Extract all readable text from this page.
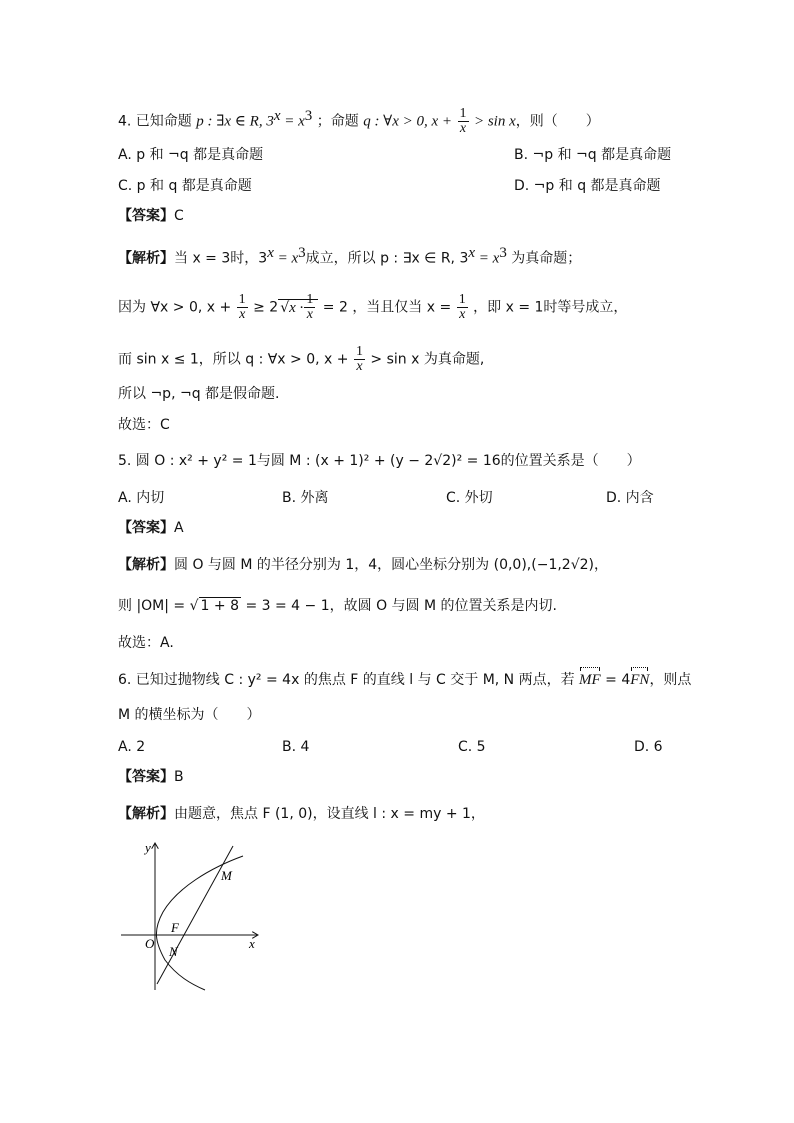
4. 已知命题 p : ∃x ∈ R, $3^x = x^3$ ；命题 q : ∀x > 0, $x + \frac{1}{x} > \sin x$，则（　　）
A. p 和 ¬q 都是真命题	B. ¬p 和 ¬q 都是真命题
C. p 和 q 都是真命题	D. ¬p 和 q 都是真命题
【答案】C
【解析】当 x = 3时，$3^x = x^3$成立，所以 p : ∃x ∈ R, $3^x = x^3$ 为真命题；
因为 ∀x > 0, $x + \frac{1}{x} \ge 2$ $√x \cdot \frac{1}{x} = 2$ ，当且仅当 $x = \frac{1}{x}$ ，即 x = 1时等号成立，
而 sin x ≤ 1，所以 q : ∀x > 0, $x + \frac{1}{x} > \sin x$ 为真命题,
所以 ¬p, ¬q 都是假命题.
故选：C
5. 圆 O : x² + y² = 1与圆 M : (x + 1)² + (y − 2√2)² = 16的位置关系是（　　）
A. 内切	B. 外离	C. 外切	D. 内含
【答案】A
【解析】圆 O 与圆 M 的半径分别为 1，4，圆心坐标分别为 (0,0),(−1,2√2)，
则 |OM| = √ 1 + 8 = 3 = 4 − 1，故圆 O 与圆 M 的位置关系是内切.
故选：A.
6. 已知过抛物线 C : y² = 4x 的焦点 F 的直线 l 与 C 交于 M, N 两点，若 MF = 4FN，则点
M 的横坐标为（　　）
A. 2	B. 4	C. 5	D. 6
【答案】B
【解析】由题意，焦点 F (1, 0)，设直线 l : x = my + 1，
y
x
O
F
M
N
